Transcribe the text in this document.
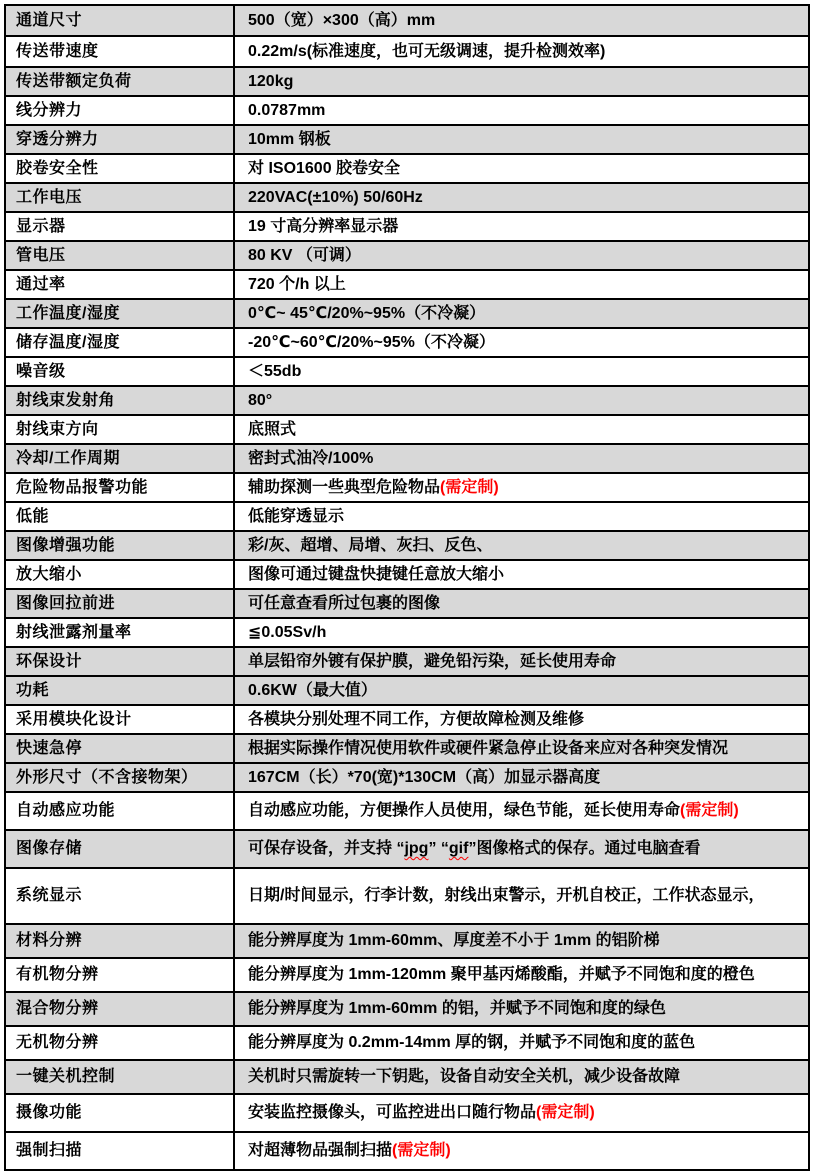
通道尺寸	500（宽）×300（高）mm
传送带速度	0.22m/s(标准速度，也可无级调速，提升检测效率)
传送带额定负荷	120kg
线分辨力	0.0787mm
穿透分辨力	10mm 钢板
胶卷安全性	对 ISO1600 胶卷安全
工作电压	220VAC(±10%) 50/60Hz
显示器	19 寸高分辨率显示器
管电压	80 KV （可调）
通过率	720 个/h 以上
工作温度/湿度	0℃~ 45℃/20%~95%（不冷凝）
储存温度/湿度	-20℃~60℃/20%~95%（不冷凝）
噪音级	＜55db
射线束发射角	80°
射线束方向	底照式
冷却/工作周期	密封式油冷/100%
危险物品报警功能	辅助探测一些典型危险物品(需定制)
低能	低能穿透显示
图像增强功能	彩/灰、超增、局增、灰扫、反色、
放大缩小	图像可通过键盘快捷键任意放大缩小
图像回拉前进	可任意查看所过包裹的图像
射线泄露剂量率	≦0.05Sv/h
环保设计	单层铅帘外镀有保护膜，避免铅污染，延长使用寿命
功耗	0.6KW（最大值）
采用模块化设计	各模块分别处理不同工作，方便故障检测及维修
快速急停	根据实际操作情况使用软件或硬件紧急停止设备来应对各种突发情况
外形尺寸（不含接物架）	167CM（长）*70(宽)*130CM（高）加显示器高度
自动感应功能	自动感应功能，方便操作人员使用，绿色节能，延长使用寿命(需定制)
图像存储	可保存设备，并支持 “jpg” “gif”图像格式的保存。通过电脑查看
系统显示	日期/时间显示，行李计数，射线出束警示，开机自校正，工作状态显示，
材料分辨	能分辨厚度为 1mm-60mm、厚度差不小于 1mm 的铝阶梯
有机物分辨	能分辨厚度为 1mm-120mm 聚甲基丙烯酸酯，并赋予不同饱和度的橙色
混合物分辨	能分辨厚度为 1mm-60mm 的铝，并赋予不同饱和度的绿色
无机物分辨	能分辨厚度为 0.2mm-14mm 厚的钢，并赋予不同饱和度的蓝色
一键关机控制	关机时只需旋转一下钥匙，设备自动安全关机，减少设备故障
摄像功能	安装监控摄像头，可监控进出口随行物品(需定制)
强制扫描	对超薄物品强制扫描(需定制)
